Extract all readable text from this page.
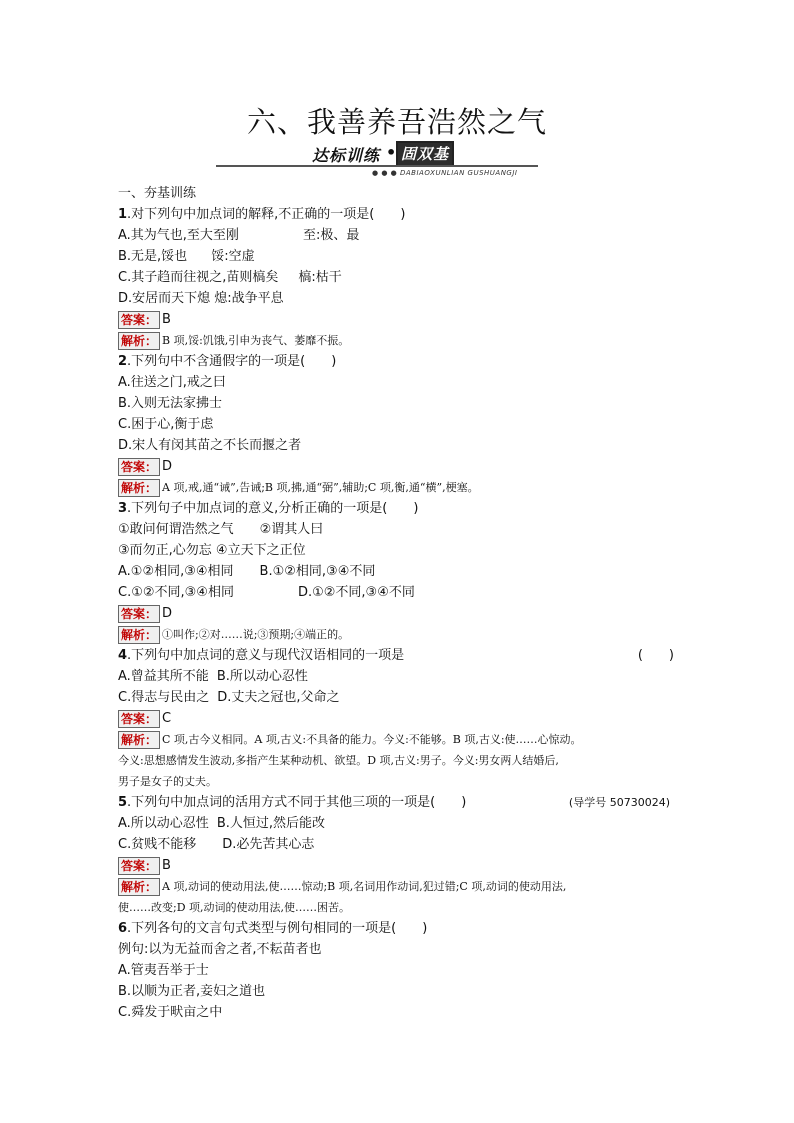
六、我善养吾浩然之气
达标训练 • 固双基
● ● ● DABIAOXUNLIAN GUSHUANGJI
一、夯基训练
1.对下列句中加点词的解释,不正确的一项是(　　)
A.其为气也,至大至刚	至:极、最
B.无是,馁也 馁:空虚
C.其子趋而往视之,苗则槁矣 槁:枯干
D.安居而天下熄 熄:战争平息
答案： B
解析： B 项,馁:饥饿,引申为丧气、萎靡不振。
2.下列句中不含通假字的一项是(　　)
A.往送之门,戒之曰
B.入则无法家拂士
C.困于心,衡于虑
D.宋人有闵其苗之不长而揠之者
答案： D
解析： A 项,戒,通“诫”,告诫;B 项,拂,通“弼”,辅助;C 项,衡,通“横”,梗塞。
3.下列句子中加点词的意义,分析正确的一项是(　　)
①敢问何谓浩然之气 ②谓其人曰
③而勿正,心勿忘 ④立天下之正位
A.①②相同,③④相同 B.①②相同,③④不同
C.①②不同,③④相同	D.①②不同,③④不同
答案： D
解析： ①叫作;②对……说;③预期;④端正的。
4.下列句中加点词的意义与现代汉语相同的一项是	(　　)
A.曾益其所不能 B.所以动心忍性
C.得志与民由之 D.丈夫之冠也,父命之
答案： C
解析： C 项,古今义相同。A 项,古义:不具备的能力。今义:不能够。B 项,古义:使……心惊动。
今义:思想感情发生波动,多指产生某种动机、欲望。D 项,古义:男子。今义:男女两人结婚后,
男子是女子的丈夫。
5.下列句中加点词的活用方式不同于其他三项的一项是(　　)	(导学号 50730024)
A.所以动心忍性 B.人恒过,然后能改
C.贫贱不能移 D.必先苦其心志
答案： B
解析： A 项,动词的使动用法,使……惊动;B 项,名词用作动词,犯过错;C 项,动词的使动用法,
使……改变;D 项,动词的使动用法,使……困苦。
6.下列各句的文言句式类型与例句相同的一项是(　　)
例句:以为无益而舍之者,不耘苗者也
A.管夷吾举于士
B.以顺为正者,妾妇之道也
C.舜发于畎亩之中
